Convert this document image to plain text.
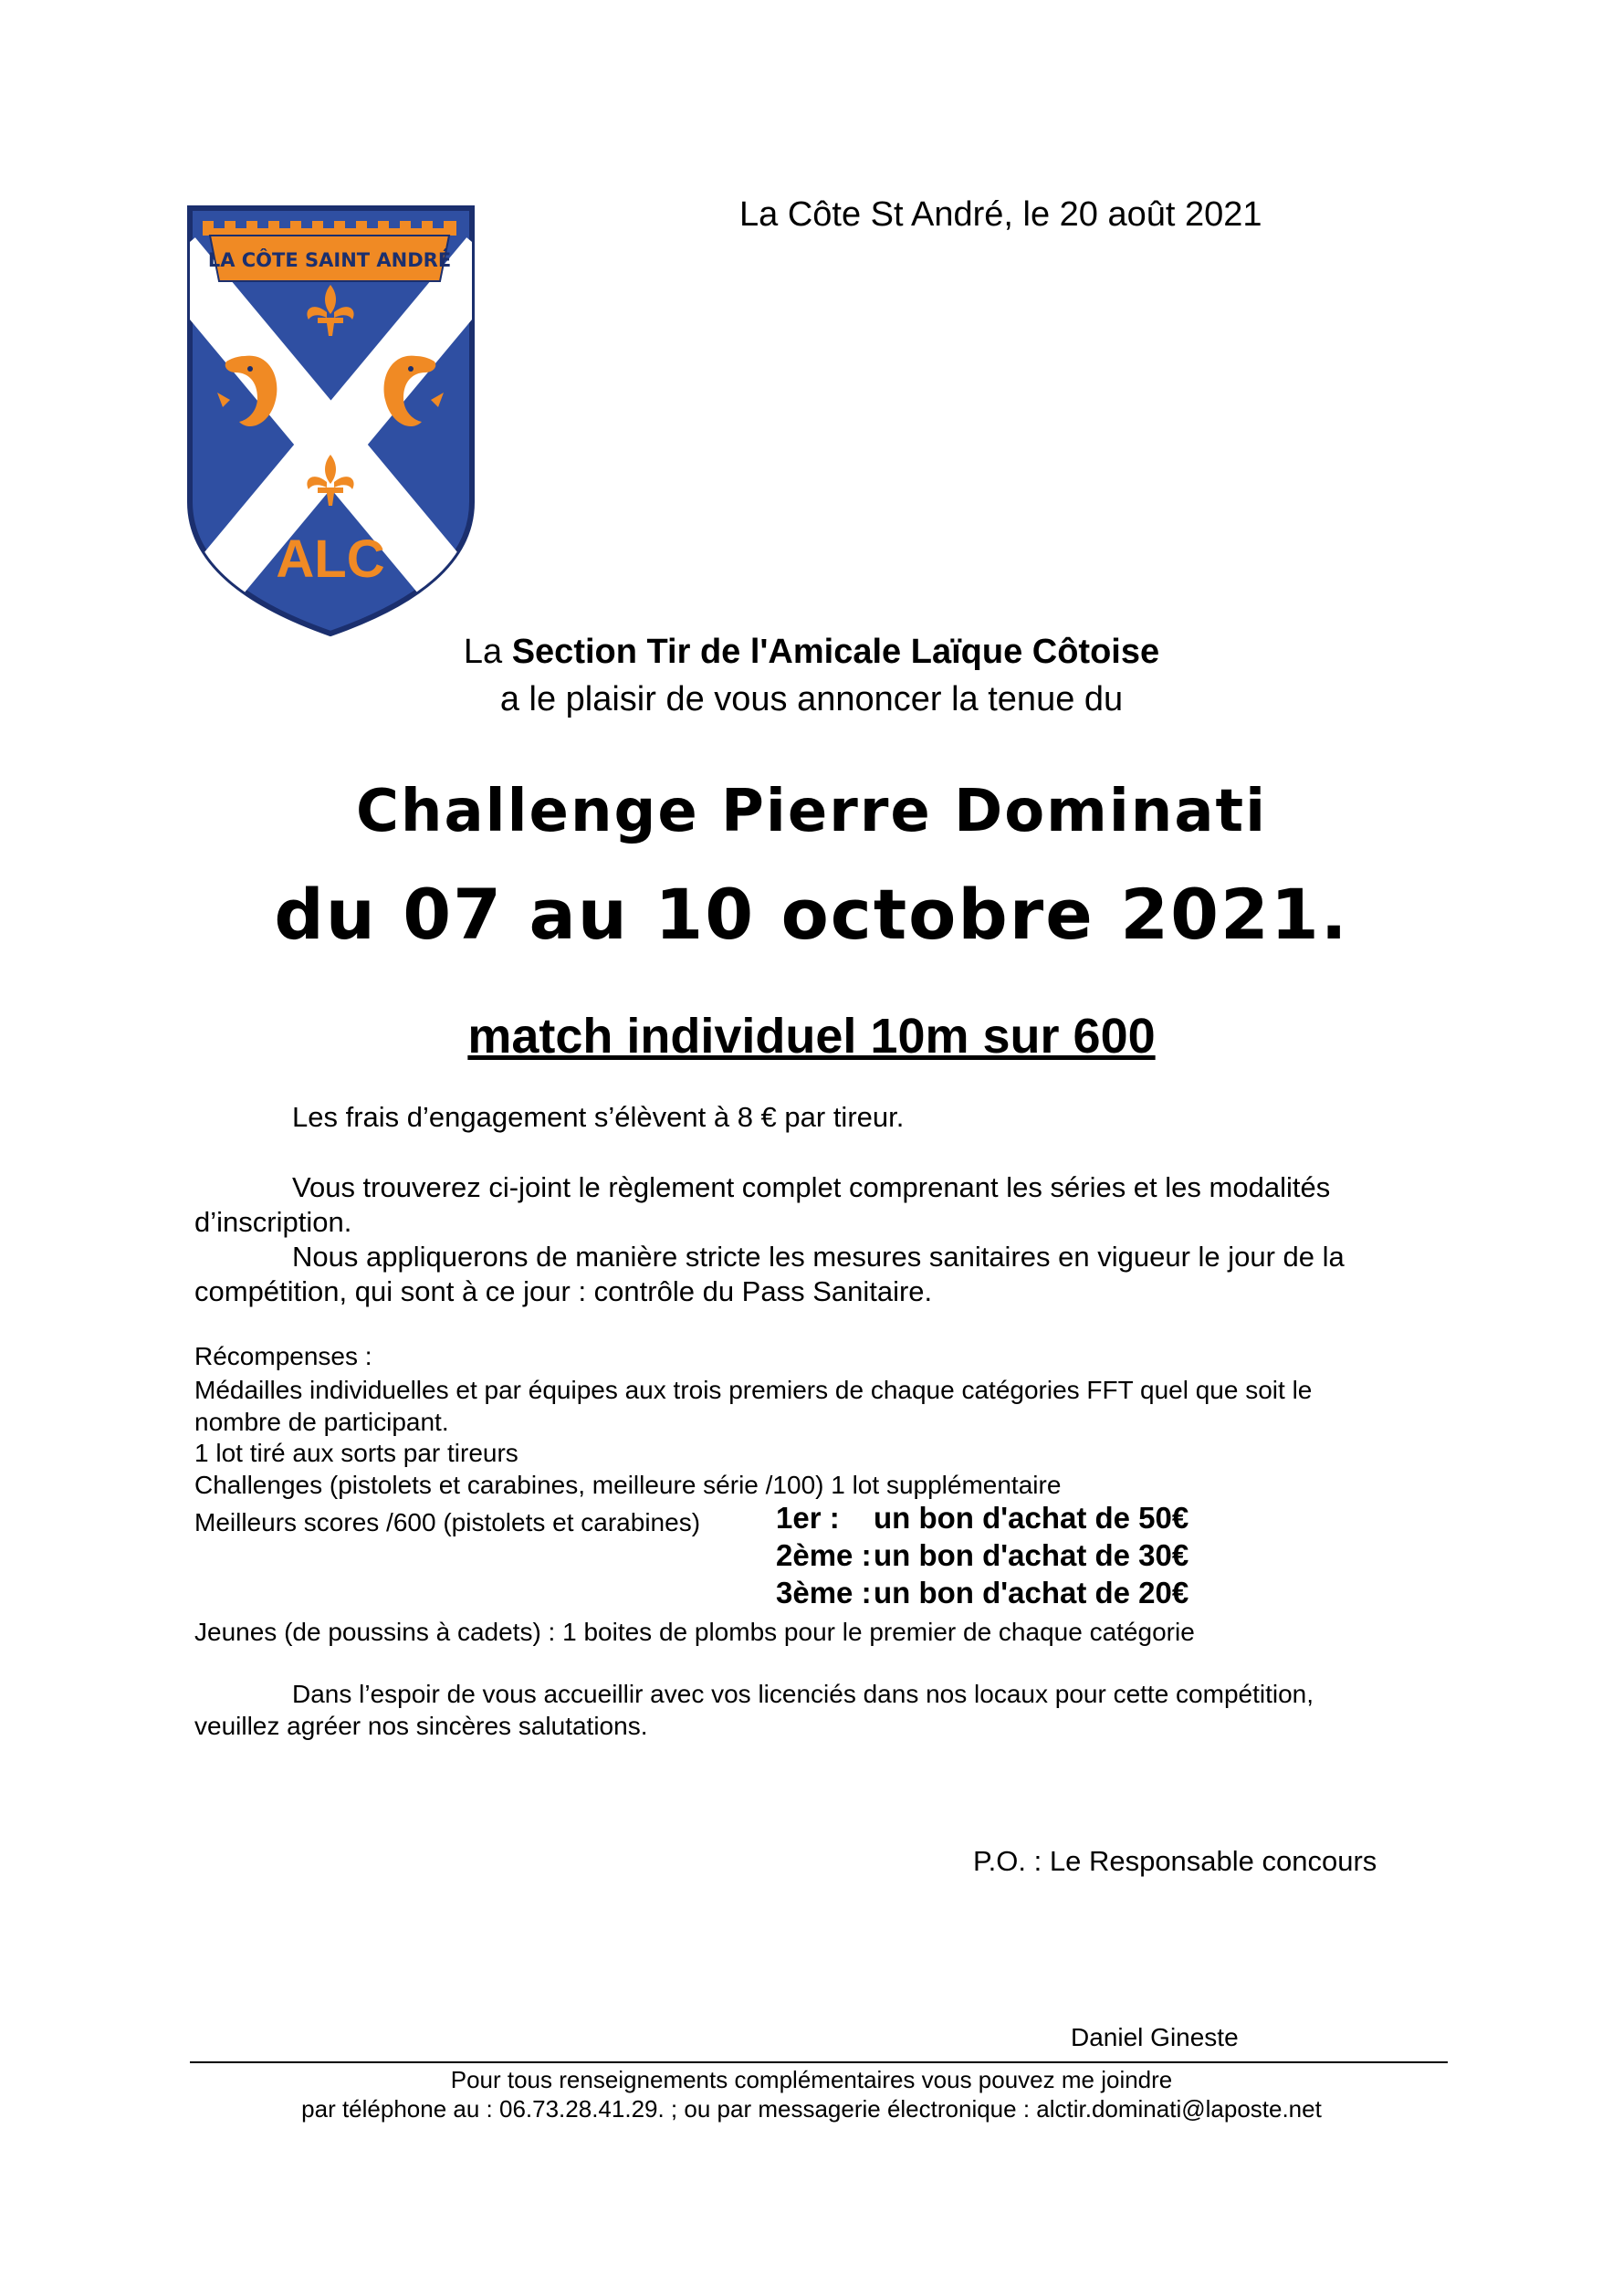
LA CÔTE SAINT ANDRÉ
ALC
La Côte St André, le 20 août 2021
La Section Tir de l'Amicale Laïque Côtoise
a le plaisir de vous annoncer la tenue du
Challenge Pierre Dominati
du 07 au 10 octobre 2021.
match individuel 10m sur 600
Les frais d’engagement s’élèvent à 8 € par tireur.
Vous trouverez ci-joint le règlement complet comprenant les séries et les modalités
d’inscription.
Nous appliquerons de manière stricte les mesures sanitaires en vigueur le jour de la
compétition, qui sont à ce jour : contrôle du Pass Sanitaire.
Récompenses :
Médailles individuelles et par équipes aux trois premiers de chaque catégories FFT quel que soit le
nombre de participant.
1 lot tiré aux sorts par tireurs
Challenges (pistolets et carabines, meilleure série /100) 1 lot supplémentaire
Meilleurs scores /600 (pistolets et carabines)	1er : un bon d'achat de 50€
2ème : un bon d'achat de 30€
3ème : un bon d'achat de 20€
Jeunes (de poussins à cadets) : 1 boites de plombs pour le premier de chaque catégorie
Dans l’espoir de vous accueillir avec vos licenciés dans nos locaux pour cette compétition,
veuillez agréer nos sincères salutations.
P.O. : Le Responsable concours
Daniel Gineste
Pour tous renseignements complémentaires vous pouvez me joindre
par téléphone au : 06.73.28.41.29. ; ou par messagerie électronique : alctir.dominati@laposte.net
